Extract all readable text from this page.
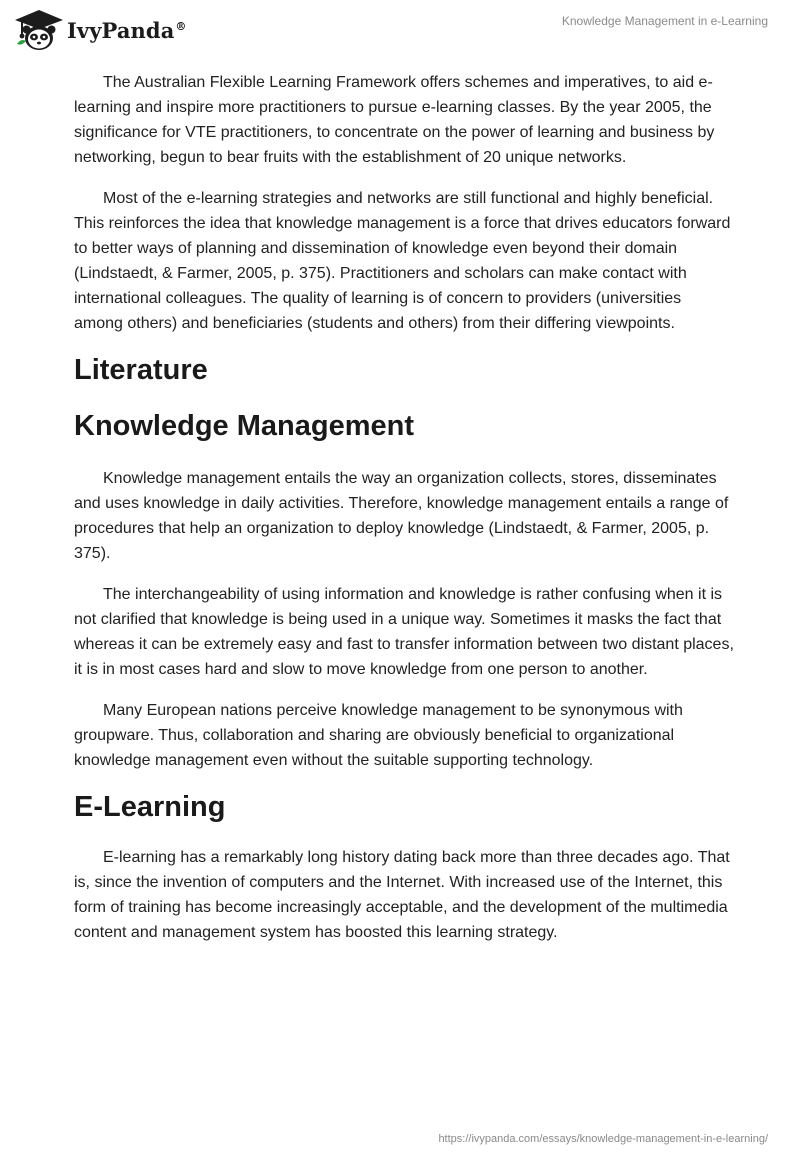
IvyPanda®	Knowledge Management in e-Learning

The Australian Flexible Learning Framework offers schemes and imperatives, to aid e-learning and inspire more practitioners to pursue e-learning classes. By the year 2005, the significance for VTE practitioners, to concentrate on the power of learning and business by networking, begun to bear fruits with the establishment of 20 unique networks.

Most of the e-learning strategies and networks are still functional and highly beneficial. This reinforces the idea that knowledge management is a force that drives educators forward to better ways of planning and dissemination of knowledge even beyond their domain (Lindstaedt, & Farmer, 2005, p. 375). Practitioners and scholars can make contact with international colleagues. The quality of learning is of concern to providers (universities among others) and beneficiaries (students and others) from their differing viewpoints.

Literature
Knowledge Management

Knowledge management entails the way an organization collects, stores, disseminates and uses knowledge in daily activities. Therefore, knowledge management entails a range of procedures that help an organization to deploy knowledge (Lindstaedt, & Farmer, 2005, p. 375).

The interchangeability of using information and knowledge is rather confusing when it is not clarified that knowledge is being used in a unique way. Sometimes it masks the fact that whereas it can be extremely easy and fast to transfer information between two distant places, it is in most cases hard and slow to move knowledge from one person to another.

Many European nations perceive knowledge management to be synonymous with groupware. Thus, collaboration and sharing are obviously beneficial to organizational knowledge management even without the suitable supporting technology.

E-Learning

E-learning has a remarkably long history dating back more than three decades ago. That is, since the invention of computers and the Internet. With increased use of the Internet, this form of training has become increasingly acceptable, and the development of the multimedia content and management system has boosted this learning strategy.

https://ivypanda.com/essays/knowledge-management-in-e-learning/
